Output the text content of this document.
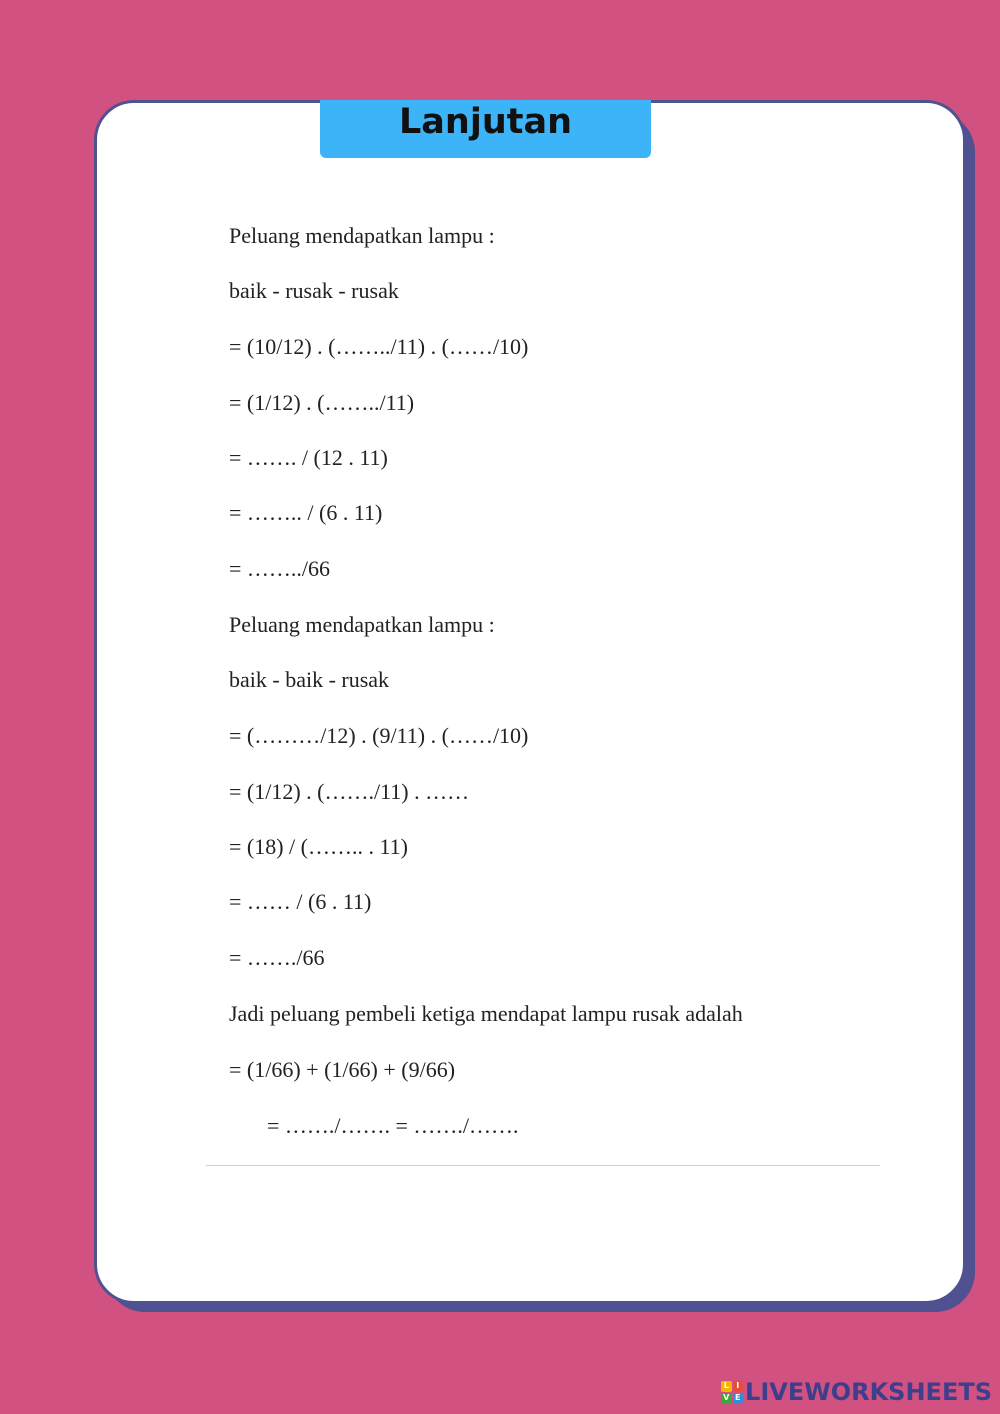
Lanjutan
Peluang mendapatkan lampu :
baik - rusak - rusak
= (10/12) . (……../11) . (……/10)
= (1/12) . (……../11)
= ……. / (12 . 11)
= …….. / (6 . 11)
= ……../66
Peluang mendapatkan lampu :
baik - baik - rusak
= (………/12) . (9/11) . (……/10)
= (1/12) . (……./11) . ……
= (18) / (…….. . 11)
= …… / (6 . 11)
= ……./66
Jadi peluang pembeli ketiga mendapat lampu rusak adalah
= (1/66) + (1/66) + (9/66)
= ……./……. = ……./…….
L I
V E LIVEWORKSHEETS
